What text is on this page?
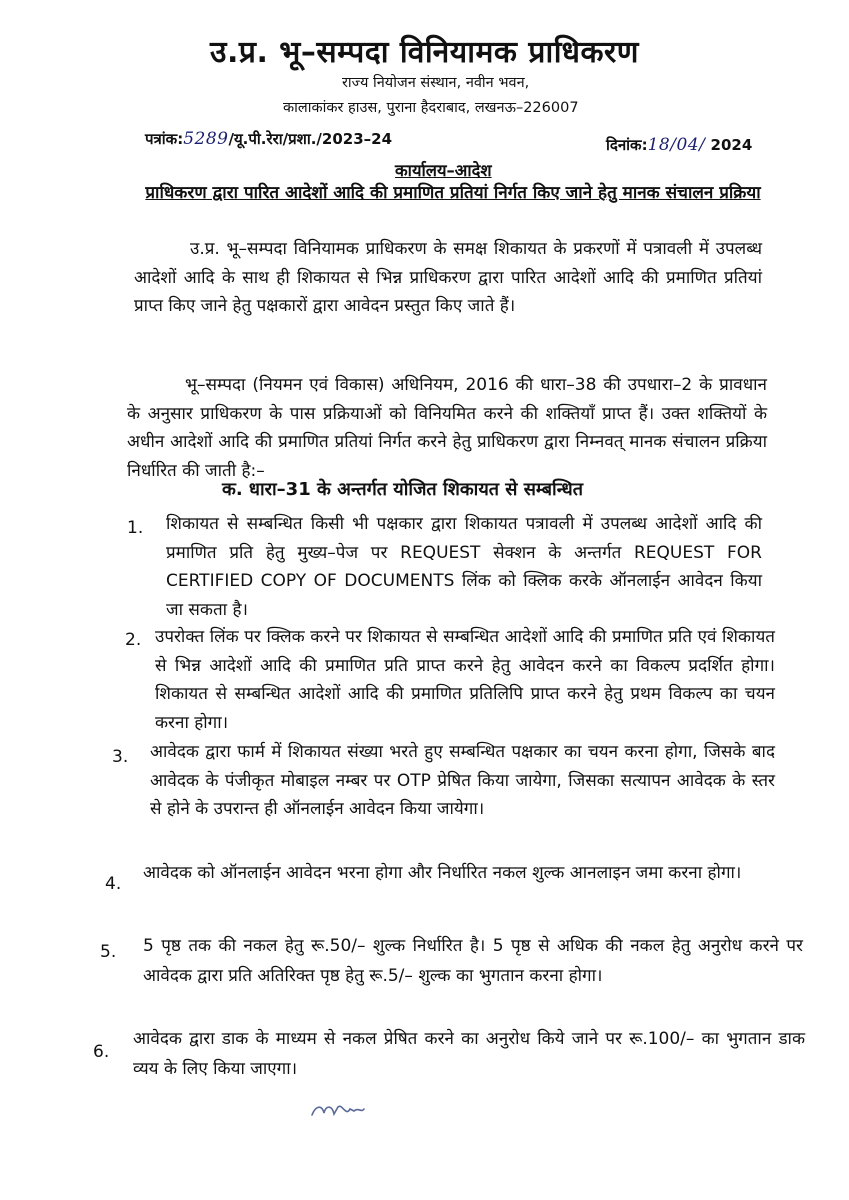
उ.प्र. भू–सम्पदा विनियामक प्राधिकरण
राज्य नियोजन संस्थान, नवीन भवन,
कालाकांकर हाउस, पुराना हैदराबाद, लखनऊ–226007
पत्रांक:5289/यू.पी.रेरा/प्रशा./2023–24	दिनांक:18/04/ 2024
कार्यालय–आदेश
प्राधिकरण द्वारा पारित आदेशों आदि की प्रमाणित प्रतियां निर्गत किए जाने हेतु मानक संचालन प्रक्रिया
उ.प्र. भू–सम्पदा विनियामक प्राधिकरण के समक्ष शिकायत के प्रकरणों में पत्रावली में उपलब्ध आदेशों आदि के साथ ही शिकायत से भिन्न प्राधिकरण द्वारा पारित आदेशों आदि की प्रमाणित प्रतियां प्राप्त किए जाने हेतु पक्षकारों द्वारा आवेदन प्रस्तुत किए जाते हैं।
भू–सम्पदा (नियमन एवं विकास) अधिनियम, 2016 की धारा–38 की उपधारा–2 के प्रावधान के अनुसार प्राधिकरण के पास प्रक्रियाओं को विनियमित करने की शक्तियाँ प्राप्त हैं। उक्त शक्तियों के अधीन आदेशों आदि की प्रमाणित प्रतियां निर्गत करने हेतु प्राधिकरण द्वारा निम्नवत् मानक संचालन प्रक्रिया निर्धारित की जाती है:–
क. धारा–31 के अन्तर्गत योजित शिकायत से सम्बन्धित
1. शिकायत से सम्बन्धित किसी भी पक्षकार द्वारा शिकायत पत्रावली में उपलब्ध आदेशों आदि की प्रमाणित प्रति हेतु मुख्य–पेज पर REQUEST सेक्शन के अन्तर्गत REQUEST FOR CERTIFIED COPY OF DOCUMENTS लिंक को क्लिक करके ऑनलाईन आवेदन किया जा सकता है।
2. उपरोक्त लिंक पर क्लिक करने पर शिकायत से सम्बन्धित आदेशों आदि की प्रमाणित प्रति एवं शिकायत से भिन्न आदेशों आदि की प्रमाणित प्रति प्राप्त करने हेतु आवेदन करने का विकल्प प्रदर्शित होगा। शिकायत से सम्बन्धित आदेशों आदि की प्रमाणित प्रतिलिपि प्राप्त करने हेतु प्रथम विकल्प का चयन करना होगा।
3. आवेदक द्वारा फार्म में शिकायत संख्या भरते हुए सम्बन्धित पक्षकार का चयन करना होगा, जिसके बाद आवेदक के पंजीकृत मोबाइल नम्बर पर OTP प्रेषित किया जायेगा, जिसका सत्यापन आवेदक के स्तर से होने के उपरान्त ही ऑनलाईन आवेदन किया जायेगा।
4.
आवेदक को ऑनलाईन आवेदन भरना होगा और निर्धारित नकल शुल्क आनलाइन जमा करना होगा।
5. 5 पृष्ठ तक की नकल हेतु रू.50/– शुल्क निर्धारित है। 5 पृष्ठ से अधिक की नकल हेतु अनुरोध करने पर आवेदक द्वारा प्रति अतिरिक्त पृष्ठ हेतु रू.5/– शुल्क का भुगतान करना होगा।
6.
आवेदक द्वारा डाक के माध्यम से नकल प्रेषित करने का अनुरोध किये जाने पर रू.100/– का भुगतान डाक व्यय के लिए किया जाएगा।
